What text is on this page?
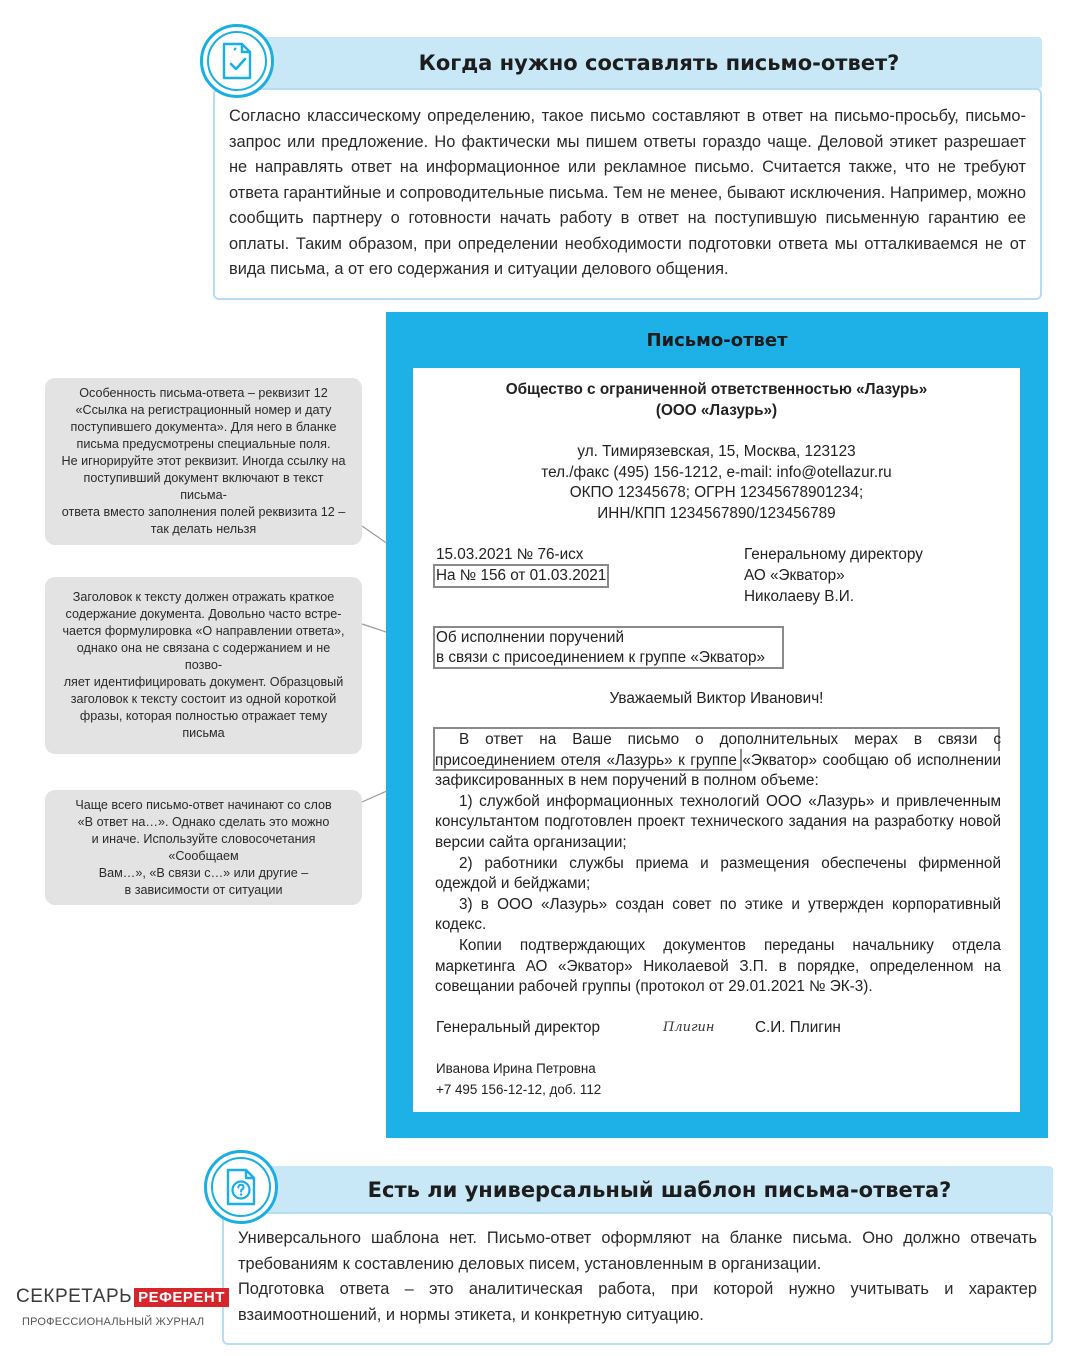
Когда нужно составлять письмо-ответ?
Согласно классическому определению, такое письмо составляют в ответ на письмо-просьбу, письмо-запрос или предложение. Но фактически мы пишем ответы гораздо чаще. Деловой этикет разрешает не направлять ответ на информационное или рекламное письмо. Считается также, что не требуют ответа гарантийные и сопроводительные письма. Тем не менее, бывают исключения. Например, можно сообщить партнеру о готовности начать работу в ответ на поступившую письменную гарантию ее оплаты. Таким образом, при определении необходимости подготовки ответа мы отталкиваемся не от вида письма, а от его содержания и ситуации делового общения.
Письмо-ответ
Общество с ограниченной ответственностью «Лазурь»
(ООО «Лазурь»)
ул. Тимирязевская, 15, Москва, 123123
тел./факс (495) 156-1212, e-mail: info@otellazur.ru
ОКПО 12345678; ОГРН 12345678901234;
ИНН/КПП 1234567890/123456789
15.03.2021 № 76-исх
На № 156 от 01.03.2021
Генеральному директору
АО «Экватор»
Николаеву В.И.
Об исполнении поручений
в связи с присоединением к группе «Экватор»
Уважаемый Виктор Иванович!

В ответ на Ваше письмо о дополнительных мерах в связи с присоединением отеля «Лазурь» к группе «Экватор» сообщаю об исполнении зафиксированных в нем поручений в полном объеме:

1) службой информационных технологий ООО «Лазурь» и привлеченным консультантом подготовлен проект технического задания на разработку новой версии сайта организации;

2) работники службы приема и размещения обеспечены фирменной одеждой и бейджами;

3) в ООО «Лазурь» создан совет по этике и утвержден корпоративный кодекс.

Копии подтверждающих документов переданы начальнику отдела маркетинга АО «Экватор» Николаевой З.П. в порядке, определенном на совещании рабочей группы (протокол от 29.01.2021 № ЭК-3).

Генеральный директор	Плигин	С.И. Плигин
Иванова Ирина Петровна
+7 495 156-12-12, доб. 112
Особенность письма-ответа – реквизит 12
«Ссылка на регистрационный номер и дату
поступившего документа». Для него в бланке
письма предусмотрены специальные поля.
Не игнорируйте этот реквизит. Иногда ссылку на
поступивший документ включают в текст письма-
ответа вместо заполнения полей реквизита 12 –
так делать нельзя
Заголовок к тексту должен отражать краткое
содержание документа. Довольно часто встре-
чается формулировка «О направлении ответа»,
однако она не связана с содержанием и не позво-
ляет идентифицировать документ. Образцовый
заголовок к тексту состоит из одной короткой
фразы, которая полностью отражает тему письма
Чаще всего письмо-ответ начинают со слов
«В ответ на…». Однако сделать это можно
и иначе. Используйте словосочетания «Сообщаем
Вам…», «В связи с…» или другие –
в зависимости от ситуации
Есть ли универсальный шаблон письма-ответа?

Универсального шаблона нет. Письмо-ответ оформляют на бланке письма. Оно должно отвечать требованиям к составлению деловых писем, установленным в организации.

Подготовка ответа – это аналитическая работа, при которой нужно учитывать и характер взаимоотношений, и нормы этикета, и конкретную ситуацию.

СЕКРЕТАРЬ РЕФЕРЕНТ
ПРОФЕССИОНАЛЬНЫЙ ЖУРНАЛ
